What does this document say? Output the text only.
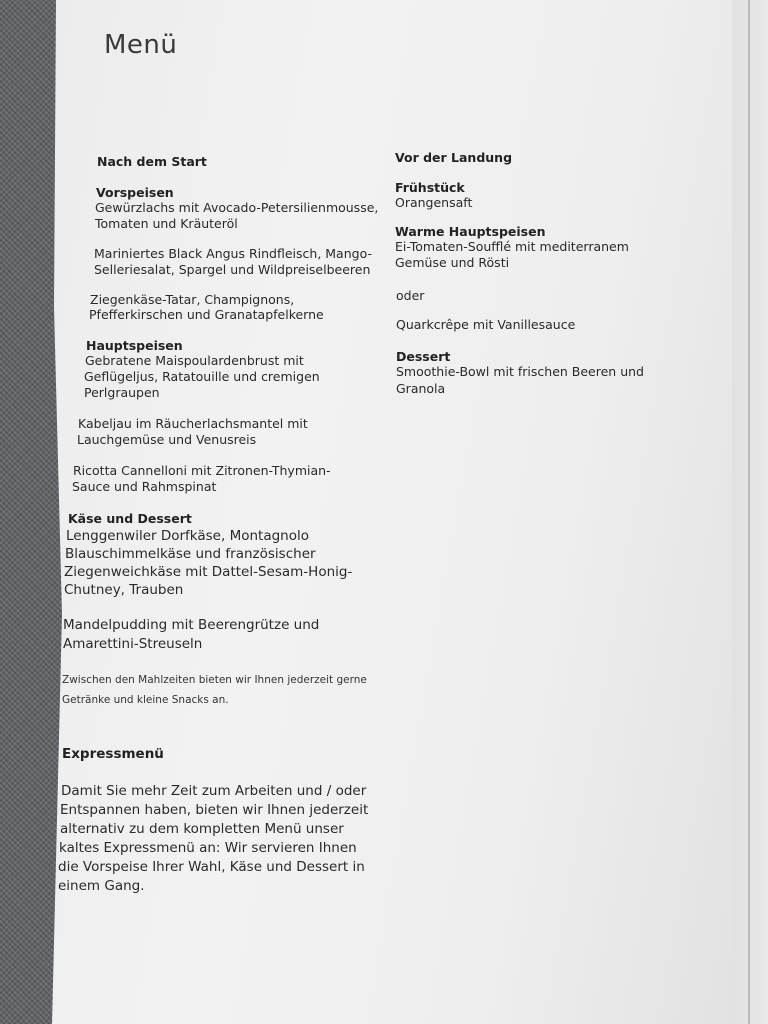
Menü
Nach dem Start
Vorspeisen
Gewürzlachs mit Avocado-Petersilienmousse,
Tomaten und Kräuteröl
Mariniertes Black Angus Rindfleisch, Mango-
Selleriesalat, Spargel und Wildpreiselbeeren
Ziegenkäse-Tatar, Champignons,
Pfefferkirschen und Granatapfelkerne
Hauptspeisen
Gebratene Maispoulardenbrust mit
Geflügeljus, Ratatouille und cremigen
Perlgraupen
Kabeljau im Räucherlachsmantel mit
Lauchgemüse und Venusreis
Ricotta Cannelloni mit Zitronen-Thymian-
Sauce und Rahmspinat
Käse und Dessert
Lenggenwiler Dorfkäse, Montagnolo
Blauschimmelkäse und französischer
Ziegenweichkäse mit Dattel-Sesam-Honig-
Chutney, Trauben
Mandelpudding mit Beerengrütze und
Amarettini-Streuseln
Zwischen den Mahlzeiten bieten wir Ihnen jederzeit gerne
Getränke und kleine Snacks an.
Expressmenü
Damit Sie mehr Zeit zum Arbeiten und / oder
Entspannen haben, bieten wir Ihnen jederzeit
alternativ zu dem kompletten Menü unser
kaltes Expressmenü an: Wir servieren Ihnen
die Vorspeise Ihrer Wahl, Käse und Dessert in
einem Gang.
Vor der Landung
Frühstück
Orangensaft
Warme Hauptspeisen
Ei-Tomaten-Soufflé mit mediterranem
Gemüse und Rösti
oder
Quarkcrêpe mit Vanillesauce
Dessert
Smoothie-Bowl mit frischen Beeren und
Granola
